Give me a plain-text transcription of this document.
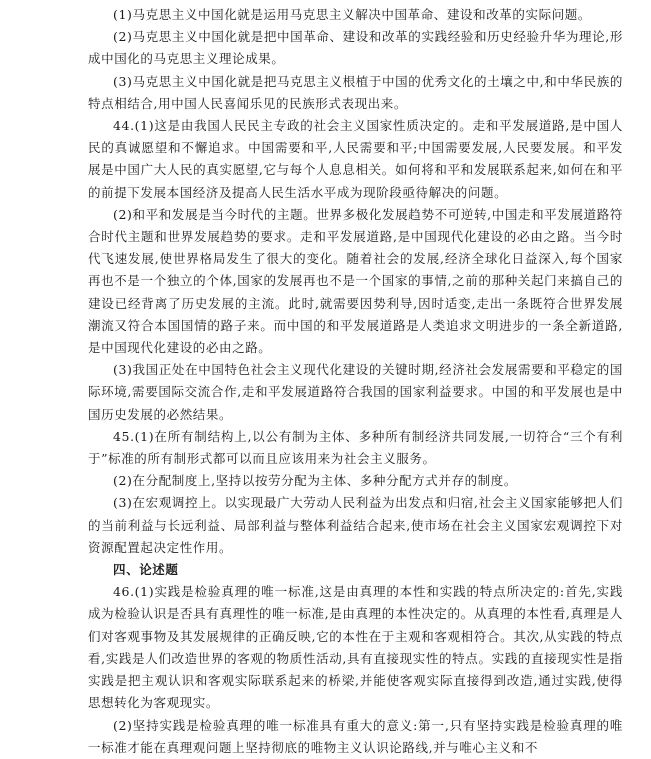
(1)马克思主义中国化就是运用马克思主义解决中国革命、建设和改革的实际问题。

(2)马克思主义中国化就是把中国革命、建设和改革的实践经验和历史经验升华为理论,形成中国化的马克思主义理论成果。

(3)马克思主义中国化就是把马克思主义根植于中国的优秀文化的土壤之中,和中华民族的特点相结合,用中国人民喜闻乐见的民族形式表现出来。

44.(1)这是由我国人民民主专政的社会主义国家性质决定的。走和平发展道路,是中国人民的真诚愿望和不懈追求。中国需要和平,人民需要和平;中国需要发展,人民要发展。和平发展是中国广大人民的真实愿望,它与每个人息息相关。如何将和平和发展联系起来,如何在和平的前提下发展本国经济及提高人民生活水平成为现阶段亟待解决的问题。

(2)和平和发展是当今时代的主题。世界多极化发展趋势不可逆转,中国走和平发展道路符合时代主题和世界发展趋势的要求。走和平发展道路,是中国现代化建设的必由之路。当今时代飞速发展,使世界格局发生了很大的变化。随着社会的发展,经济全球化日益深入,每个国家再也不是一个独立的个体,国家的发展再也不是一个国家的事情,之前的那种关起门来搞自己的建设已经背离了历史发展的主流。此时,就需要因势利导,因时适变,走出一条既符合世界发展潮流又符合本国国情的路子来。而中国的和平发展道路是人类追求文明进步的一条全新道路,是中国现代化建设的必由之路。

(3)我国正处在中国特色社会主义现代化建设的关键时期,经济社会发展需要和平稳定的国际环境,需要国际交流合作,走和平发展道路符合我国的国家利益要求。中国的和平发展也是中国历史发展的必然结果。

45.(1)在所有制结构上,以公有制为主体、多种所有制经济共同发展,一切符合“三个有利于”标准的所有制形式都可以而且应该用来为社会主义服务。

(2)在分配制度上,坚持以按劳分配为主体、多种分配方式并存的制度。

(3)在宏观调控上。以实现最广大劳动人民利益为出发点和归宿,社会主义国家能够把人们的当前利益与长远利益、局部利益与整体利益结合起来,使市场在社会主义国家宏观调控下对资源配置起决定性作用。

四、论述题

46.(1)实践是检验真理的唯一标准,这是由真理的本性和实践的特点所决定的:首先,实践成为检验认识是否具有真理性的唯一标准,是由真理的本性决定的。从真理的本性看,真理是人们对客观事物及其发展规律的正确反映,它的本性在于主观和客观相符合。其次,从实践的特点看,实践是人们改造世界的客观的物质性活动,具有直接现实性的特点。实践的直接现实性是指实践是把主观认识和客观实际联系起来的桥梁,并能使客观实际直接得到改造,通过实践,使得思想转化为客观现实。

(2)坚持实践是检验真理的唯一标准具有重大的意义:第一,只有坚持实践是检验真理的唯一标准才能在真理观问题上坚持彻底的唯物主义认识论路线,并与唯心主义和不
